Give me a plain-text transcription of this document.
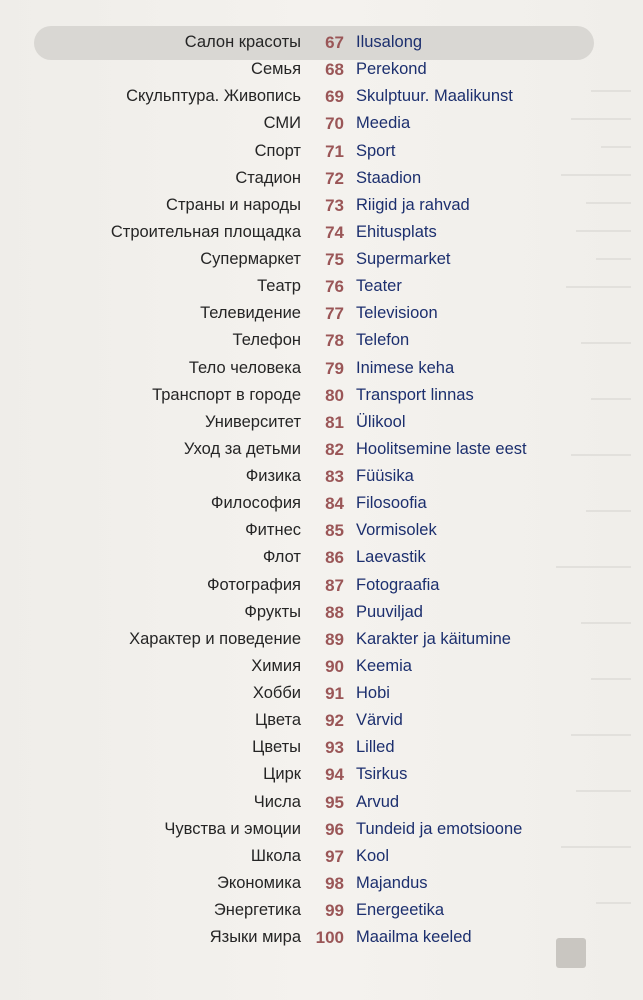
Салон красоты 67 Ilusalong
Семья 68 Perekond
Скульптура. Живопись 69 Skulptuur. Maalikunst
СМИ 70 Meedia
Спорт 71 Sport
Стадион 72 Staadion
Страны и народы 73 Riigid ja rahvad
Строительная площадка 74 Ehitusplats
Супермаркет 75 Supermarket
Театр 76 Teater
Телевидение 77 Televisioon
Телефон 78 Telefon
Тело человека 79 Inimese keha
Транспорт в городе 80 Transport linnas
Университет 81 Ülikool
Уход за детьми 82 Hoolitsemine laste eest
Физика 83 Füüsika
Философия 84 Filosoofia
Фитнес 85 Vormisolek
Флот 86 Laevastik
Фотография 87 Fotograafia
Фрукты 88 Puuviljad
Характер и поведение 89 Karakter ja käitumine
Химия 90 Keemia
Хобби 91 Hobi
Цвета 92 Värvid
Цветы 93 Lilled
Цирк 94 Tsirkus
Числа 95 Arvud
Чувства и эмоции 96 Tundeid ja emotsioone
Школа 97 Kool
Экономика 98 Majandus
Энергетика 99 Energeetika
Языки мира 100 Maailma keeled
